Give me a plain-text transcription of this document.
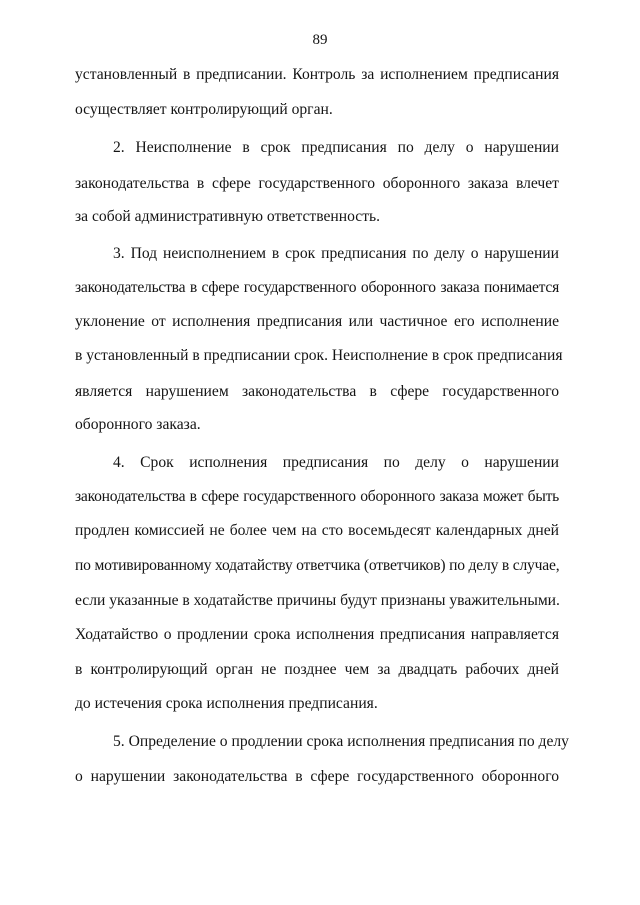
89
установленный в предписании. Контроль за исполнением предписания
осуществляет контролирующий орган.
2. Неисполнение в срок предписания по делу о нарушении
законодательства в сфере государственного оборонного заказа влечет
за собой административную ответственность.
3. Под неисполнением в срок предписания по делу о нарушении
законодательства в сфере государственного оборонного заказа понимается
уклонение от исполнения предписания или частичное его исполнение
в установленный в предписании срок. Неисполнение в срок предписания
является нарушением законодательства в сфере государственного
оборонного заказа.
4. Срок исполнения предписания по делу о нарушении
законодательства в сфере государственного оборонного заказа может быть
продлен комиссией не более чем на сто восемьдесят календарных дней
по мотивированному ходатайству ответчика (ответчиков) по делу в случае,
если указанные в ходатайстве причины будут признаны уважительными.
Ходатайство о продлении срока исполнения предписания направляется
в контролирующий орган не позднее чем за двадцать рабочих дней
до истечения срока исполнения предписания.
5. Определение о продлении срока исполнения предписания по делу
о нарушении законодательства в сфере государственного оборонного
